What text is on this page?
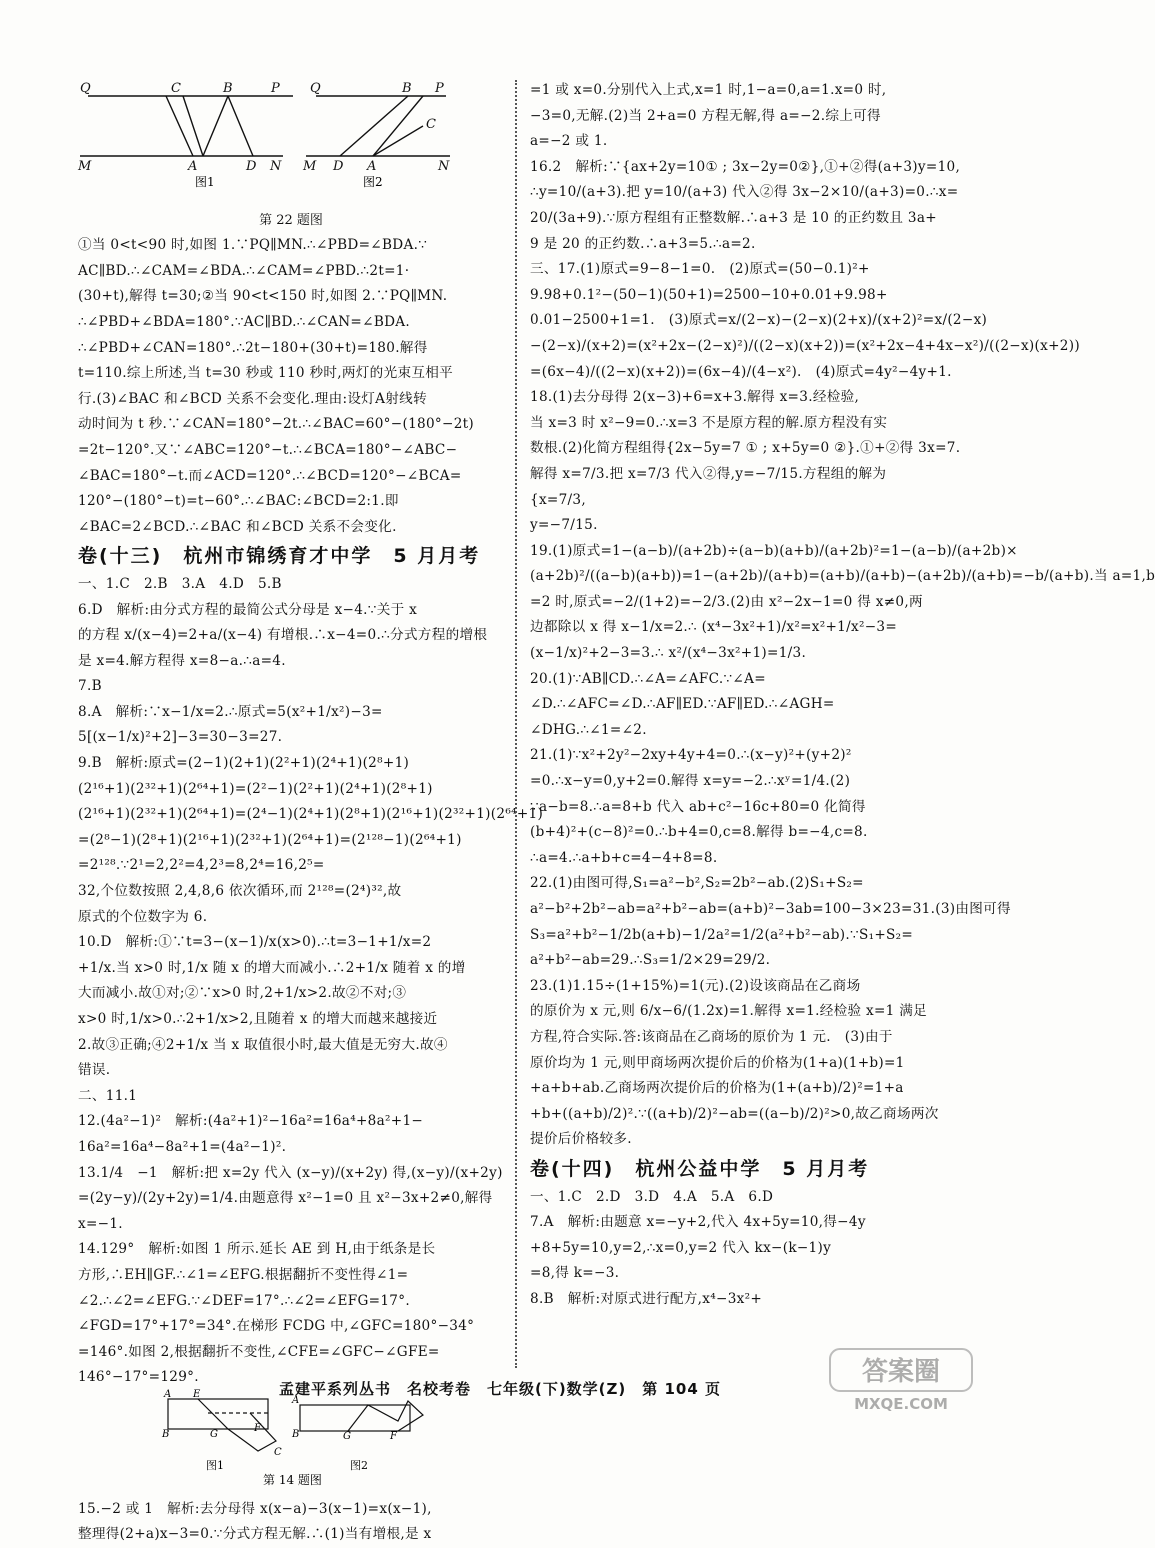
Q	C	B	P
M	A	D N
图1
Q	B P
C
M D A	N
图2
第 22 题图
①当 0<t<90 时,如图 1.∵PQ∥MN.∴∠PBD=∠BDA.∵
AC∥BD.∴∠CAM=∠BDA.∴∠CAM=∠PBD.∴2t=1·
(30+t),解得 t=30;②当 90<t<150 时,如图 2.∵PQ∥MN.
∴∠PBD+∠BDA=180°.∵AC∥BD.∴∠CAN=∠BDA.
∴∠PBD+∠CAN=180°.∴2t−180+(30+t)=180.解得
t=110.综上所述,当 t=30 秒或 110 秒时,两灯的光束互相平
行.(3)∠BAC 和∠BCD 关系不会变化.理由:设灯A射线转
动时间为 t 秒.∵∠CAN=180°−2t.∴∠BAC=60°−(180°−2t)
=2t−120°.又∵∠ABC=120°−t.∴∠BCA=180°−∠ABC−
∠BAC=180°−t.而∠ACD=120°.∴∠BCD=120°−∠BCA=
120°−(180°−t)=t−60°.∴∠BAC:∠BCD=2:1.即
∠BAC=2∠BCD.∴∠BAC 和∠BCD 关系不会变化.
卷(十三)　杭州市锦绣育才中学　5 月月考
一、1.C　2.B　3.A　4.D　5.B
6.D　解析:由分式方程的最简公式分母是 x−4.∵关于 x
的方程 x/(x−4)=2+a/(x−4) 有增根.∴x−4=0.∴分式方程的增根
是 x=4.解方程得 x=8−a.∴a=4.
7.B
8.A　解析:∵x−1/x=2.∴原式=5(x²+1/x²)−3=
5[(x−1/x)²+2]−3=30−3=27.
9.B　解析:原式=(2−1)(2+1)(2²+1)(2⁴+1)(2⁸+1)
(2¹⁶+1)(2³²+1)(2⁶⁴+1)=(2²−1)(2²+1)(2⁴+1)(2⁸+1)
(2¹⁶+1)(2³²+1)(2⁶⁴+1)=(2⁴−1)(2⁴+1)(2⁸+1)(2¹⁶+1)(2³²+1)(2⁶⁴+1)
=(2⁸−1)(2⁸+1)(2¹⁶+1)(2³²+1)(2⁶⁴+1)=(2¹²⁸−1)(2⁶⁴+1)
=2¹²⁸.∵2¹=2,2²=4,2³=8,2⁴=16,2⁵=
32,个位数按照 2,4,8,6 依次循环,而 2¹²⁸=(2⁴)³²,故
原式的个位数字为 6.
10.D　解析:①∵t=3−(x−1)/x(x>0).∴t=3−1+1/x=2
+1/x.当 x>0 时,1/x 随 x 的增大而减小.∴2+1/x 随着 x 的增
大而减小.故①对;②∵x>0 时,2+1/x>2.故②不对;③
x>0 时,1/x>0.∴2+1/x>2,且随着 x 的增大而越来越接近
2.故③正确;④2+1/x 当 x 取值很小时,最大值是无穷大.故④
错误.
二、11.1
12.(4a²−1)²　解析:(4a²+1)²−16a²=16a⁴+8a²+1−
16a²=16a⁴−8a²+1=(4a²−1)².
13.1/4　−1　解析:把 x=2y 代入 (x−y)/(x+2y) 得,(x−y)/(x+2y)
=(2y−y)/(2y+2y)=1/4.由题意得 x²−1=0 且 x²−3x+2≠0,解得
x=−1.
14.129°　解析:如图 1 所示.延长 AE 到 H,由于纸条是长
方形,∴EH∥GF.∴∠1=∠EFG.根据翻折不变性得∠1=
∠2.∴∠2=∠EFG.∵∠DEF=17°.∴∠2=∠EFG=17°.
∠FGD=17°+17°=34°.在梯形 FCDG 中,∠GFC=180°−34°
=146°.如图 2,根据翻折不变性,∠CFE=∠GFC−∠GFE=
146°−17°=129°.
A E
B	G
F
C
A
B	G	F
图1	图2
第 14 题图
15.−2 或 1　解析:去分母得 x(x−a)−3(x−1)=x(x−1),
整理得(2+a)x−3=0.∵分式方程无解.∴(1)当有增根,是 x
=1 或 x=0.分别代入上式,x=1 时,1−a=0,a=1.x=0 时,
−3=0,无解.(2)当 2+a=0 方程无解,得 a=−2.综上可得
a=−2 或 1.
16.2　解析:∵{ax+2y=10① ; 3x−2y=0②},①+②得(a+3)y=10,
∴y=10/(a+3).把 y=10/(a+3) 代入②得 3x−2×10/(a+3)=0.∴x=
20/(3a+9).∵原方程组有正整数解.∴a+3 是 10 的正约数且 3a+
9 是 20 的正约数.∴a+3=5.∴a=2.
三、17.(1)原式=9−8−1=0.　(2)原式=(50−0.1)²+
9.98+0.1²−(50−1)(50+1)=2500−10+0.01+9.98+
0.01−2500+1=1.　(3)原式=x/(2−x)−(2−x)(2+x)/(x+2)²=x/(2−x)
−(2−x)/(x+2)=(x²+2x−(2−x)²)/((2−x)(x+2))=(x²+2x−4+4x−x²)/((2−x)(x+2))
=(6x−4)/((2−x)(x+2))=(6x−4)/(4−x²).　(4)原式=4y²−4y+1.
18.(1)去分母得 2(x−3)+6=x+3.解得 x=3.经检验,
当 x=3 时 x²−9=0.∴x=3 不是原方程的解.原方程没有实
数根.(2)化简方程组得{2x−5y=7 ① ; x+5y=0 ②}.①+②得 3x=7.
解得 x=7/3.把 x=7/3 代入②得,y=−7/15.方程组的解为
{x=7/3,
y=−7/15.
19.(1)原式=1−(a−b)/(a+2b)÷(a−b)(a+b)/(a+2b)²=1−(a−b)/(a+2b)×
(a+2b)²/((a−b)(a+b))=1−(a+2b)/(a+b)=(a+b)/(a+b)−(a+2b)/(a+b)=−b/(a+b).当 a=1,b
=2 时,原式=−2/(1+2)=−2/3.(2)由 x²−2x−1=0 得 x≠0,两
边都除以 x 得 x−1/x=2.∴ (x⁴−3x²+1)/x²=x²+1/x²−3=
(x−1/x)²+2−3=3.∴ x²/(x⁴−3x²+1)=1/3.
20.(1)∵AB∥CD.∴∠A=∠AFC.∵∠A=
∠D.∴∠AFC=∠D.∴AF∥ED.∵AF∥ED.∴∠AGH=
∠DHG.∴∠1=∠2.
21.(1)∵x²+2y²−2xy+4y+4=0.∴(x−y)²+(y+2)²
=0.∴x−y=0,y+2=0.解得 x=y=−2.∴xʸ=1/4.(2)
∵a−b=8.∴a=8+b 代入 ab+c²−16c+80=0 化简得
(b+4)²+(c−8)²=0.∴b+4=0,c=8.解得 b=−4,c=8.
∴a=4.∴a+b+c=4−4+8=8.
22.(1)由图可得,S₁=a²−b²,S₂=2b²−ab.(2)S₁+S₂=
a²−b²+2b²−ab=a²+b²−ab=(a+b)²−3ab=100−3×23=31.(3)由图可得
S₃=a²+b²−1/2b(a+b)−1/2a²=1/2(a²+b²−ab).∵S₁+S₂=
a²+b²−ab=29.∴S₃=1/2×29=29/2.
23.(1)1.15÷(1+15%)=1(元).(2)设该商品在乙商场
的原价为 x 元,则 6/x−6/(1.2x)=1.解得 x=1.经检验 x=1 满足
方程,符合实际.答:该商品在乙商场的原价为 1 元.　(3)由于
原价均为 1 元,则甲商场两次提价后的价格为(1+a)(1+b)=1
+a+b+ab.乙商场两次提价后的价格为(1+(a+b)/2)²=1+a
+b+((a+b)/2)².∵((a+b)/2)²−ab=((a−b)/2)²>0,故乙商场两次
提价后价格较多.
卷(十四)　杭州公益中学　5 月月考
一、1.C　2.D　3.D　4.A　5.A　6.D
7.A　解析:由题意 x=−y+2,代入 4x+5y=10,得−4y
+8+5y=10,y=2,∴x=0,y=2 代入 kx−(k−1)y
=8,得 k=−3.
8.B　解析:对原式进行配方,x⁴−3x²+
孟建平系列丛书　名校考卷　七年级(下)数学(Z)　第 104 页
答案圈
MXQE.COM
